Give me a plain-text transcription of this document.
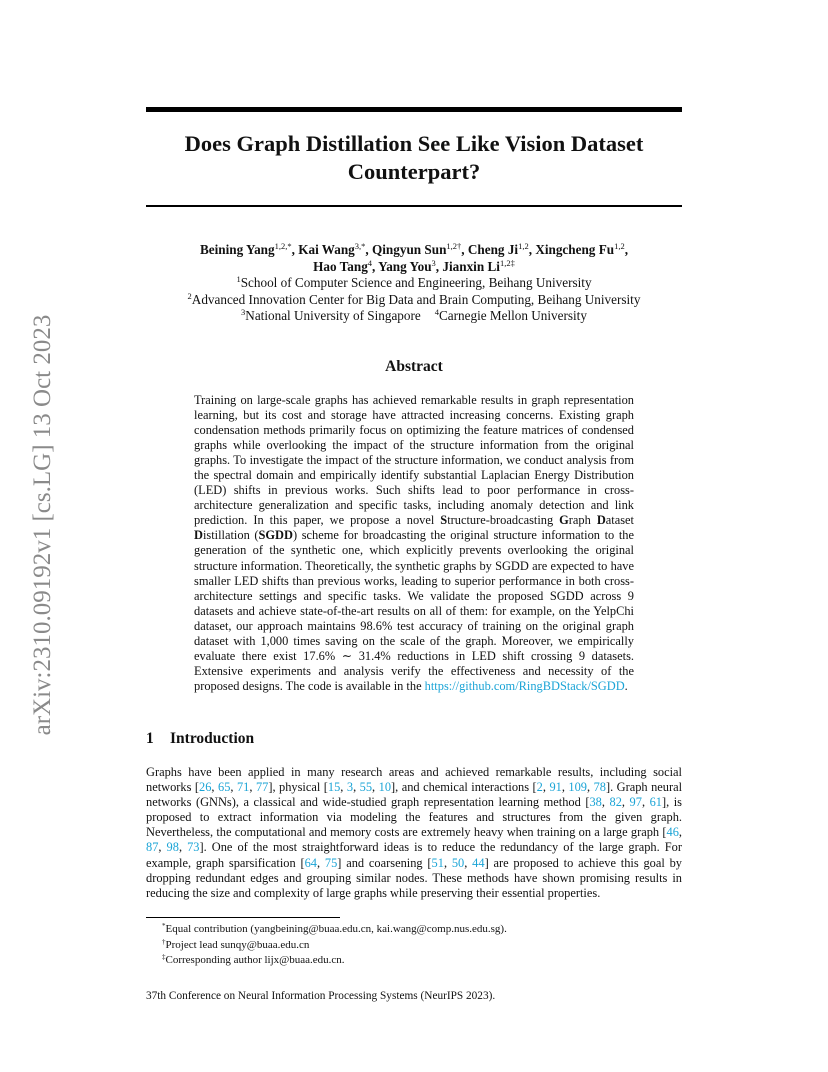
arXiv:2310.09192v1 [cs.LG] 13 Oct 2023
Does Graph Distillation See Like Vision Dataset
Counterpart?
Beining Yang$^{1,2,*}$, Kai Wang$^{3,*}$, Qingyun Sun$^{1,2\dagger}$, Cheng Ji$^{1,2}$, Xingcheng Fu$^{1,2}$,
Hao Tang$^4$, Yang You$^3$, Jianxin $Li^{1,2\ddagger}$
$^1$School of Computer Science and Engineering, Beihang University
$^2$Advanced Innovation Center for Big Data and Brain Computing, Beihang University
$^3$National University of Singapore $^4$Carnegie Mellon University
Abstract
Training on large-scale graphs has achieved remarkable results in graph representation learning, but its cost and storage have attracted increasing concerns. Existing graph condensation methods primarily focus on optimizing the feature matrices of condensed graphs while overlooking the impact of the structure information from the original graphs. To investigate the impact of the structure information, we conduct analysis from the spectral domain and empirically identify substantial Laplacian Energy Distribution (LED) shifts in previous works. Such shifts lead to poor performance in cross-architecture generalization and specific tasks, including anomaly detection and link prediction. In this paper, we propose a novel Structure-broadcasting Graph Dataset Distillation (SGDD) scheme for broadcasting the original structure information to the generation of the synthetic one, which explicitly prevents overlooking the original structure information. Theoretically, the synthetic graphs by SGDD are expected to have smaller LED shifts than previous works, leading to superior performance in both cross-architecture settings and specific tasks. We validate the proposed SGDD across 9 datasets and achieve state-of-the-art results on all of them: for example, on the YelpChi dataset, our approach maintains 98.6% test accuracy of training on the original graph dataset with 1,000 times saving on the scale of the graph. Moreover, we empirically evaluate there exist 17.6% ∼ 31.4% reductions in LED shift crossing 9 datasets. Extensive experiments and analysis verify the effectiveness and necessity of the proposed designs. The code is available in the https://github.com/RingBDStack/SGDD.
1 Introduction
Graphs have been applied in many research areas and achieved remarkable results, including social networks [26, 65, 71, 77], physical [15, 3, 55, 10], and chemical interactions [2, 91, 109, 78]. Graph neural networks (GNNs), a classical and wide-studied graph representation learning method [38, 82, 97, 61], is proposed to extract information via modeling the features and structures from the given graph. Nevertheless, the computational and memory costs are extremely heavy when training on a large graph [46, 87, 98, 73]. One of the most straightforward ideas is to reduce the redundancy of the large graph. For example, graph sparsification [64, 75] and coarsening [51, 50, 44] are proposed to achieve this goal by dropping redundant edges and grouping similar nodes. These methods have shown promising results in reducing the size and complexity of large graphs while preserving their essential properties.
*Equal contribution (yangbeining@buaa.edu.cn, kai.wang@comp.nus.edu.sg).
†Project lead sunqy@buaa.edu.cn
‡Corresponding author lijx@buaa.edu.cn.
37th Conference on Neural Information Processing Systems (NeurIPS 2023).
